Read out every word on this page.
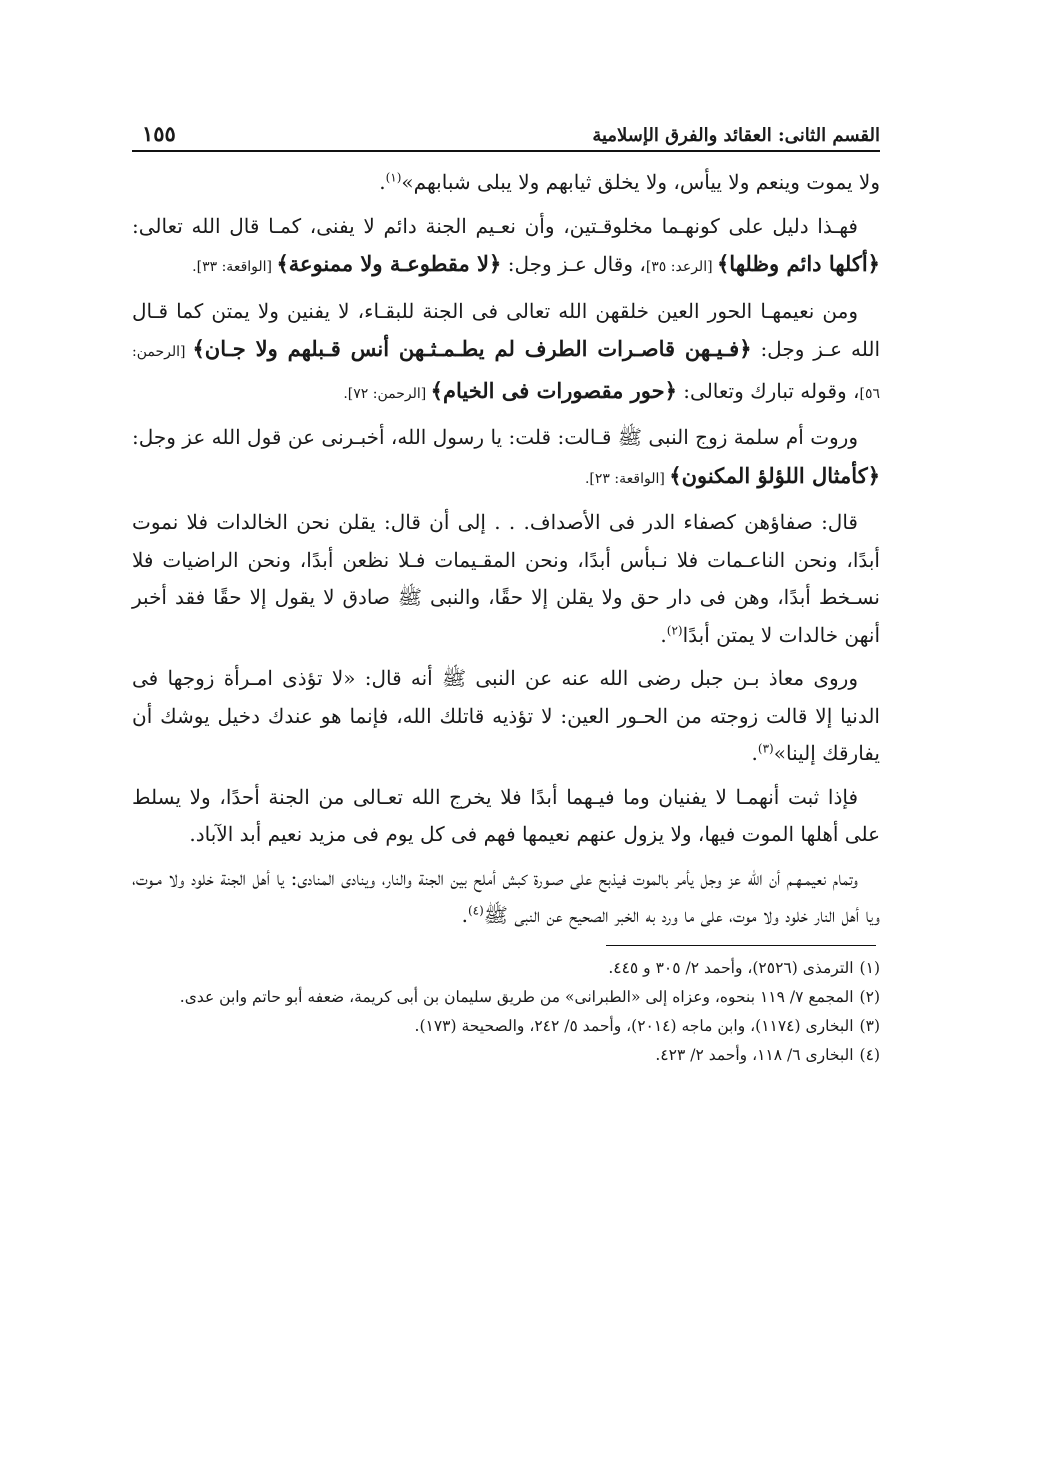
القسم الثانى: العقائد والفرق الإسلامية
١٥٥

ولا يموت وينعم ولا ييأس، ولا يخلق ثيابهم ولا يبلى شبابهم»$^{(١)}$.

فهـذا دليل على كونهـما مخلوقـتين، وأن نعـيم الجنة دائم لا يفنى، كمـا قال الله تعالى: ﴿أكلها دائم وظلها﴾ [الرعد: ٣٥]، وقال عـز وجل: ﴿لا مقطوعـة ولا ممنوعة﴾ [الواقعة: ٣٣].

ومن نعيمهـا الحور العين خلقهن الله تعالى فى الجنة للبقـاء، لا يفنين ولا يمتن كما قـال الله عـز وجل: ﴿فـيـهن قاصـرات الطرف لم يطـمـثـهن أنس قـبلهم ولا جـان﴾ [الرحمن: ٥٦]، وقوله تبارك وتعالى: ﴿حور مقصورات فى الخيام﴾ [الرحمن: ٧٢].

وروت أم سلمة زوج النبى ﷺ قـالت: قلت: يا رسول الله، أخبـرنى عن قول الله عز وجل: ﴿كأمثال اللؤلؤ المكنون﴾ [الواقعة: ٢٣].

قال: صفاؤهن كصفاء الدر فى الأصداف. . . إلى أن قال: يقلن نحن الخالدات فلا نموت أبدًا، ونحن الناعـمات فلا نـبأس أبدًا، ونحن المقـيمات فـلا نظعن أبدًا، ونحن الراضيات فلا نسـخط أبدًا، وهن فى دار حق ولا يقلن إلا حقًا، والنبى ﷺ صادق لا يقول إلا حقًا فقد أخبر أنهن خالدات لا يمتن أبدًا$^{(٢)}$.

وروى معاذ بـن جبل رضى الله عنه عن النبى ﷺ أنه قال: «لا تؤذى امـرأة زوجها فى الدنيا إلا قالت زوجته من الحـور العين: لا تؤذيه قاتلك الله، فإنما هو عندك دخيل يوشك أن يفارقك إلينا»$^{(٣)}$.

فإذا ثبت أنهمـا لا يفنيان وما فيـهما أبدًا فلا يخرج الله تعـالى من الجنة أحدًا، ولا يسلط على أهلها الموت فيها، ولا يزول عنهم نعيمها فهم فى كل يوم فى مزيد نعيم أبد الآباد.

وتمام نعيمـهـم أن الله عز وجل يأمر بالموت فيذبح على صـورة كبش أملح بين الجنة والنار، وينادى المنادى: يا أهل الجنة خلود ولا مـوت، ويا أهل النار خلود ولا موت، على ما ورد به الخبر الصحيح عن النبى ﷺ$^{(٤)}$.

(١)الترمذى (٢٥٢٦)، وأحمد ٢/ ٣٠٥ و ٤٤٥.

(٢)المجمع ٧/ ١١٩ بنحوه، وعزاه إلى «الطبرانى» من طريق سليمان بن أبى كريمة، ضعفه أبو حاتم وابن عدى.

(٣)البخارى (١١٧٤)، وابن ماجه (٢٠١٤)، وأحمد ٥/ ٢٤٢، والصحيحة (١٧٣).

(٤)البخارى ٦/ ١١٨، وأحمد ٢/ ٤٢٣.
